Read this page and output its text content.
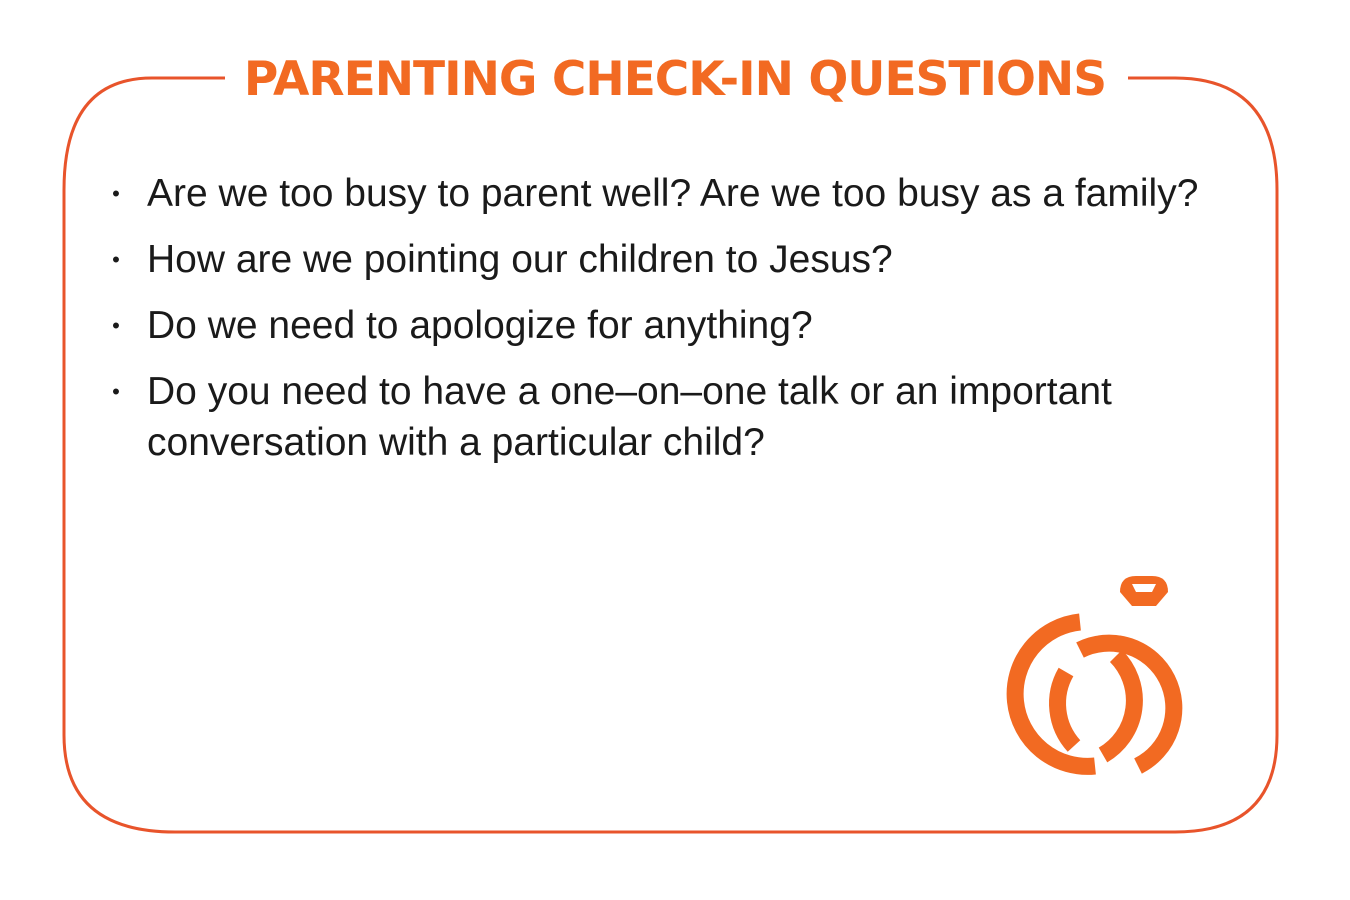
PARENTING CHECK-IN QUESTIONS
• Are we too busy to parent well? Are we too busy as a family?
• How are we pointing our children to Jesus?
• Do we need to apologize for anything?
• Do you need to have a one–on–one talk or an important conversation with a particular child?
